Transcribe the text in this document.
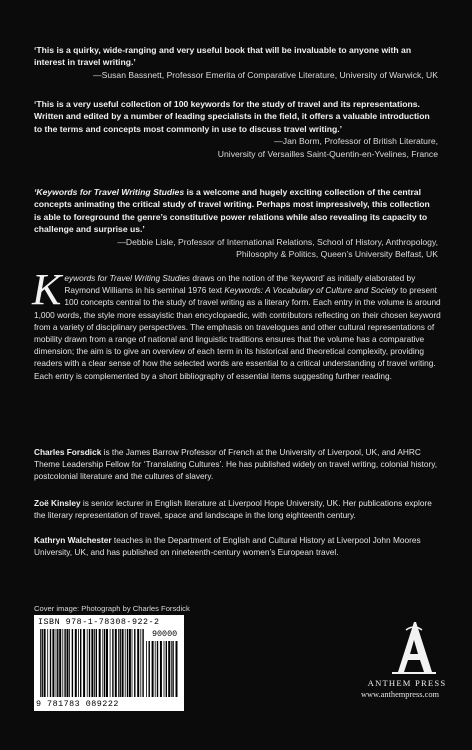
‘This is a quirky, wide-ranging and very useful book that will be invaluable to anyone with an interest in travel writing.’
—Susan Bassnett, Professor Emerita of Comparative Literature, University of Warwick, UK
‘This is a very useful collection of 100 keywords for the study of travel and its representations. Written and edited by a number of leading specialists in the field, it offers a valuable introduction to the terms and concepts most commonly in use to discuss travel writing.’
—Jan Borm, Professor of British Literature,
University of Versailles Saint-Quentin-en-Yvelines, France
‘Keywords for Travel Writing Studies is a welcome and hugely exciting collection of the central concepts animating the critical study of travel writing. Perhaps most impressively, this collection is able to foreground the genre’s constitutive power relations while also revealing its capacity to challenge and surprise us.’
—Debbie Lisle, Professor of International Relations, School of History, Anthropology,
Philosophy & Politics, Queen’s University Belfast, UK
Keywords for Travel Writing Studies draws on the notion of the ‘keyword’ as initially elaborated by Raymond Williams in his seminal 1976 text Keywords: A Vocabulary of Culture and Society to present 100 concepts central to the study of travel writing as a literary form. Each entry in the volume is around 1,000 words, the style more essayistic than encyclopaedic, with contributors reflecting on their chosen keyword from a variety of disciplinary perspectives. The emphasis on travelogues and other cultural representations of mobility drawn from a range of national and linguistic traditions ensures that the volume has a comparative dimension; the aim is to give an overview of each term in its historical and theoretical complexity, providing readers with a clear sense of how the selected words are essential to a critical understanding of travel writing. Each entry is complemented by a short bibliography of essential items suggesting further reading.
Charles Forsdick is the James Barrow Professor of French at the University of Liverpool, UK, and AHRC Theme Leadership Fellow for ‘Translating Cultures’. He has published widely on travel writing, colonial history, postcolonial literature and the cultures of slavery.
Zoë Kinsley is senior lecturer in English literature at Liverpool Hope University, UK. Her publications explore the literary representation of travel, space and landscape in the long eighteenth century.
Kathryn Walchester teaches in the Department of English and Cultural History at Liverpool John Moores University, UK, and has published on nineteenth-century women’s European travel.
Cover image: Photograph by Charles Forsdick
ISBN 978-1-78308-922-2
90000
9 781783 089222
ANTHEM PRESS
www.anthempress.com
